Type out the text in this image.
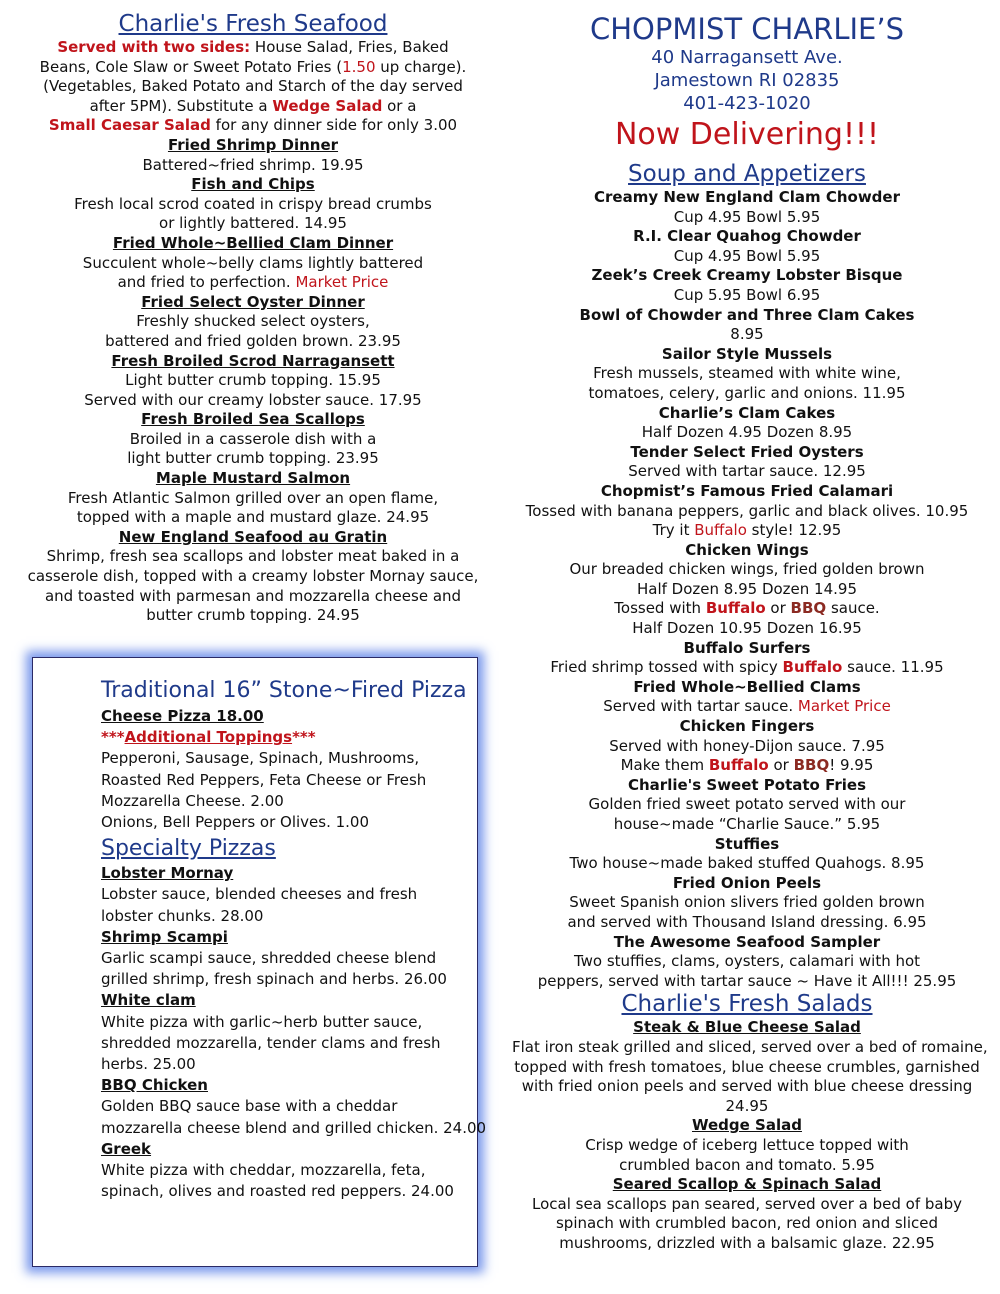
Charlie's Fresh Seafood
Served with two sides: House Salad, Fries, Baked
Beans, Cole Slaw or Sweet Potato Fries (1.50 up charge).
(Vegetables, Baked Potato and Starch of the day served
after 5PM). Substitute a Wedge Salad or a
Small Caesar Salad for any dinner side for only 3.00
Fried Shrimp Dinner
Battered~fried shrimp. 19.95
Fish and Chips
Fresh local scrod coated in crispy bread crumbs
or lightly battered. 14.95
Fried Whole~Bellied Clam Dinner
Succulent whole~belly clams lightly battered
and fried to perfection. Market Price
Fried Select Oyster Dinner
Freshly shucked select oysters,
battered and fried golden brown. 23.95
Fresh Broiled Scrod Narragansett
Light butter crumb topping. 15.95
Served with our creamy lobster sauce. 17.95
Fresh Broiled Sea Scallops
Broiled in a casserole dish with a
light butter crumb topping. 23.95
Maple Mustard Salmon
Fresh Atlantic Salmon grilled over an open flame,
topped with a maple and mustard glaze. 24.95
New England Seafood au Gratin
Shrimp, fresh sea scallops and lobster meat baked in a
casserole dish, topped with a creamy lobster Mornay sauce,
and toasted with parmesan and mozzarella cheese and
butter crumb topping. 24.95
Traditional 16” Stone~Fired Pizza
Cheese Pizza 18.00
***Additional Toppings***
Pepperoni, Sausage, Spinach, Mushrooms,
Roasted Red Peppers, Feta Cheese or Fresh
Mozzarella Cheese. 2.00
Onions, Bell Peppers or Olives. 1.00
Specialty Pizzas
Lobster Mornay
Lobster sauce, blended cheeses and fresh
lobster chunks. 28.00
Shrimp Scampi
Garlic scampi sauce, shredded cheese blend
grilled shrimp, fresh spinach and herbs. 26.00
White clam
White pizza with garlic~herb butter sauce,
shredded mozzarella, tender clams and fresh
herbs. 25.00
BBQ Chicken
Golden BBQ sauce base with a cheddar
mozzarella cheese blend and grilled chicken. 24.00
Greek
White pizza with cheddar, mozzarella, feta,
spinach, olives and roasted red peppers. 24.00
CHOPMIST CHARLIE’S
40 Narragansett Ave.
Jamestown RI 02835
401-423-1020
Now Delivering!!!
Soup and Appetizers
Creamy New England Clam Chowder
Cup 4.95 Bowl 5.95
R.I. Clear Quahog Chowder
Cup 4.95 Bowl 5.95
Zeek’s Creek Creamy Lobster Bisque
Cup 5.95 Bowl 6.95
Bowl of Chowder and Three Clam Cakes
8.95
Sailor Style Mussels
Fresh mussels, steamed with white wine,
tomatoes, celery, garlic and onions. 11.95
Charlie’s Clam Cakes
Half Dozen 4.95 Dozen 8.95
Tender Select Fried Oysters
Served with tartar sauce. 12.95
Chopmist’s Famous Fried Calamari
Tossed with banana peppers, garlic and black olives. 10.95
Try it Buffalo style! 12.95
Chicken Wings
Our breaded chicken wings, fried golden brown
Half Dozen 8.95 Dozen 14.95
Tossed with Buffalo or BBQ sauce.
Half Dozen 10.95 Dozen 16.95
Buffalo Surfers
Fried shrimp tossed with spicy Buffalo sauce. 11.95
Fried Whole~Bellied Clams
Served with tartar sauce. Market Price
Chicken Fingers
Served with honey-Dijon sauce. 7.95
Make them Buffalo or BBQ! 9.95
Charlie's Sweet Potato Fries
Golden fried sweet potato served with our
house~made “Charlie Sauce.” 5.95
Stuffies
Two house~made baked stuffed Quahogs. 8.95
Fried Onion Peels
Sweet Spanish onion slivers fried golden brown
and served with Thousand Island dressing. 6.95
The Awesome Seafood Sampler
Two stuffies, clams, oysters, calamari with hot
peppers, served with tartar sauce ~ Have it All!!! 25.95
Charlie's Fresh Salads
Steak & Blue Cheese Salad
Flat iron steak grilled and sliced, served over a bed of romaine,
topped with fresh tomatoes, blue cheese crumbles, garnished
with fried onion peels and served with blue cheese dressing
24.95
Wedge Salad
Crisp wedge of iceberg lettuce topped with
crumbled bacon and tomato. 5.95
Seared Scallop & Spinach Salad
Local sea scallops pan seared, served over a bed of baby
spinach with crumbled bacon, red onion and sliced
mushrooms, drizzled with a balsamic glaze. 22.95
